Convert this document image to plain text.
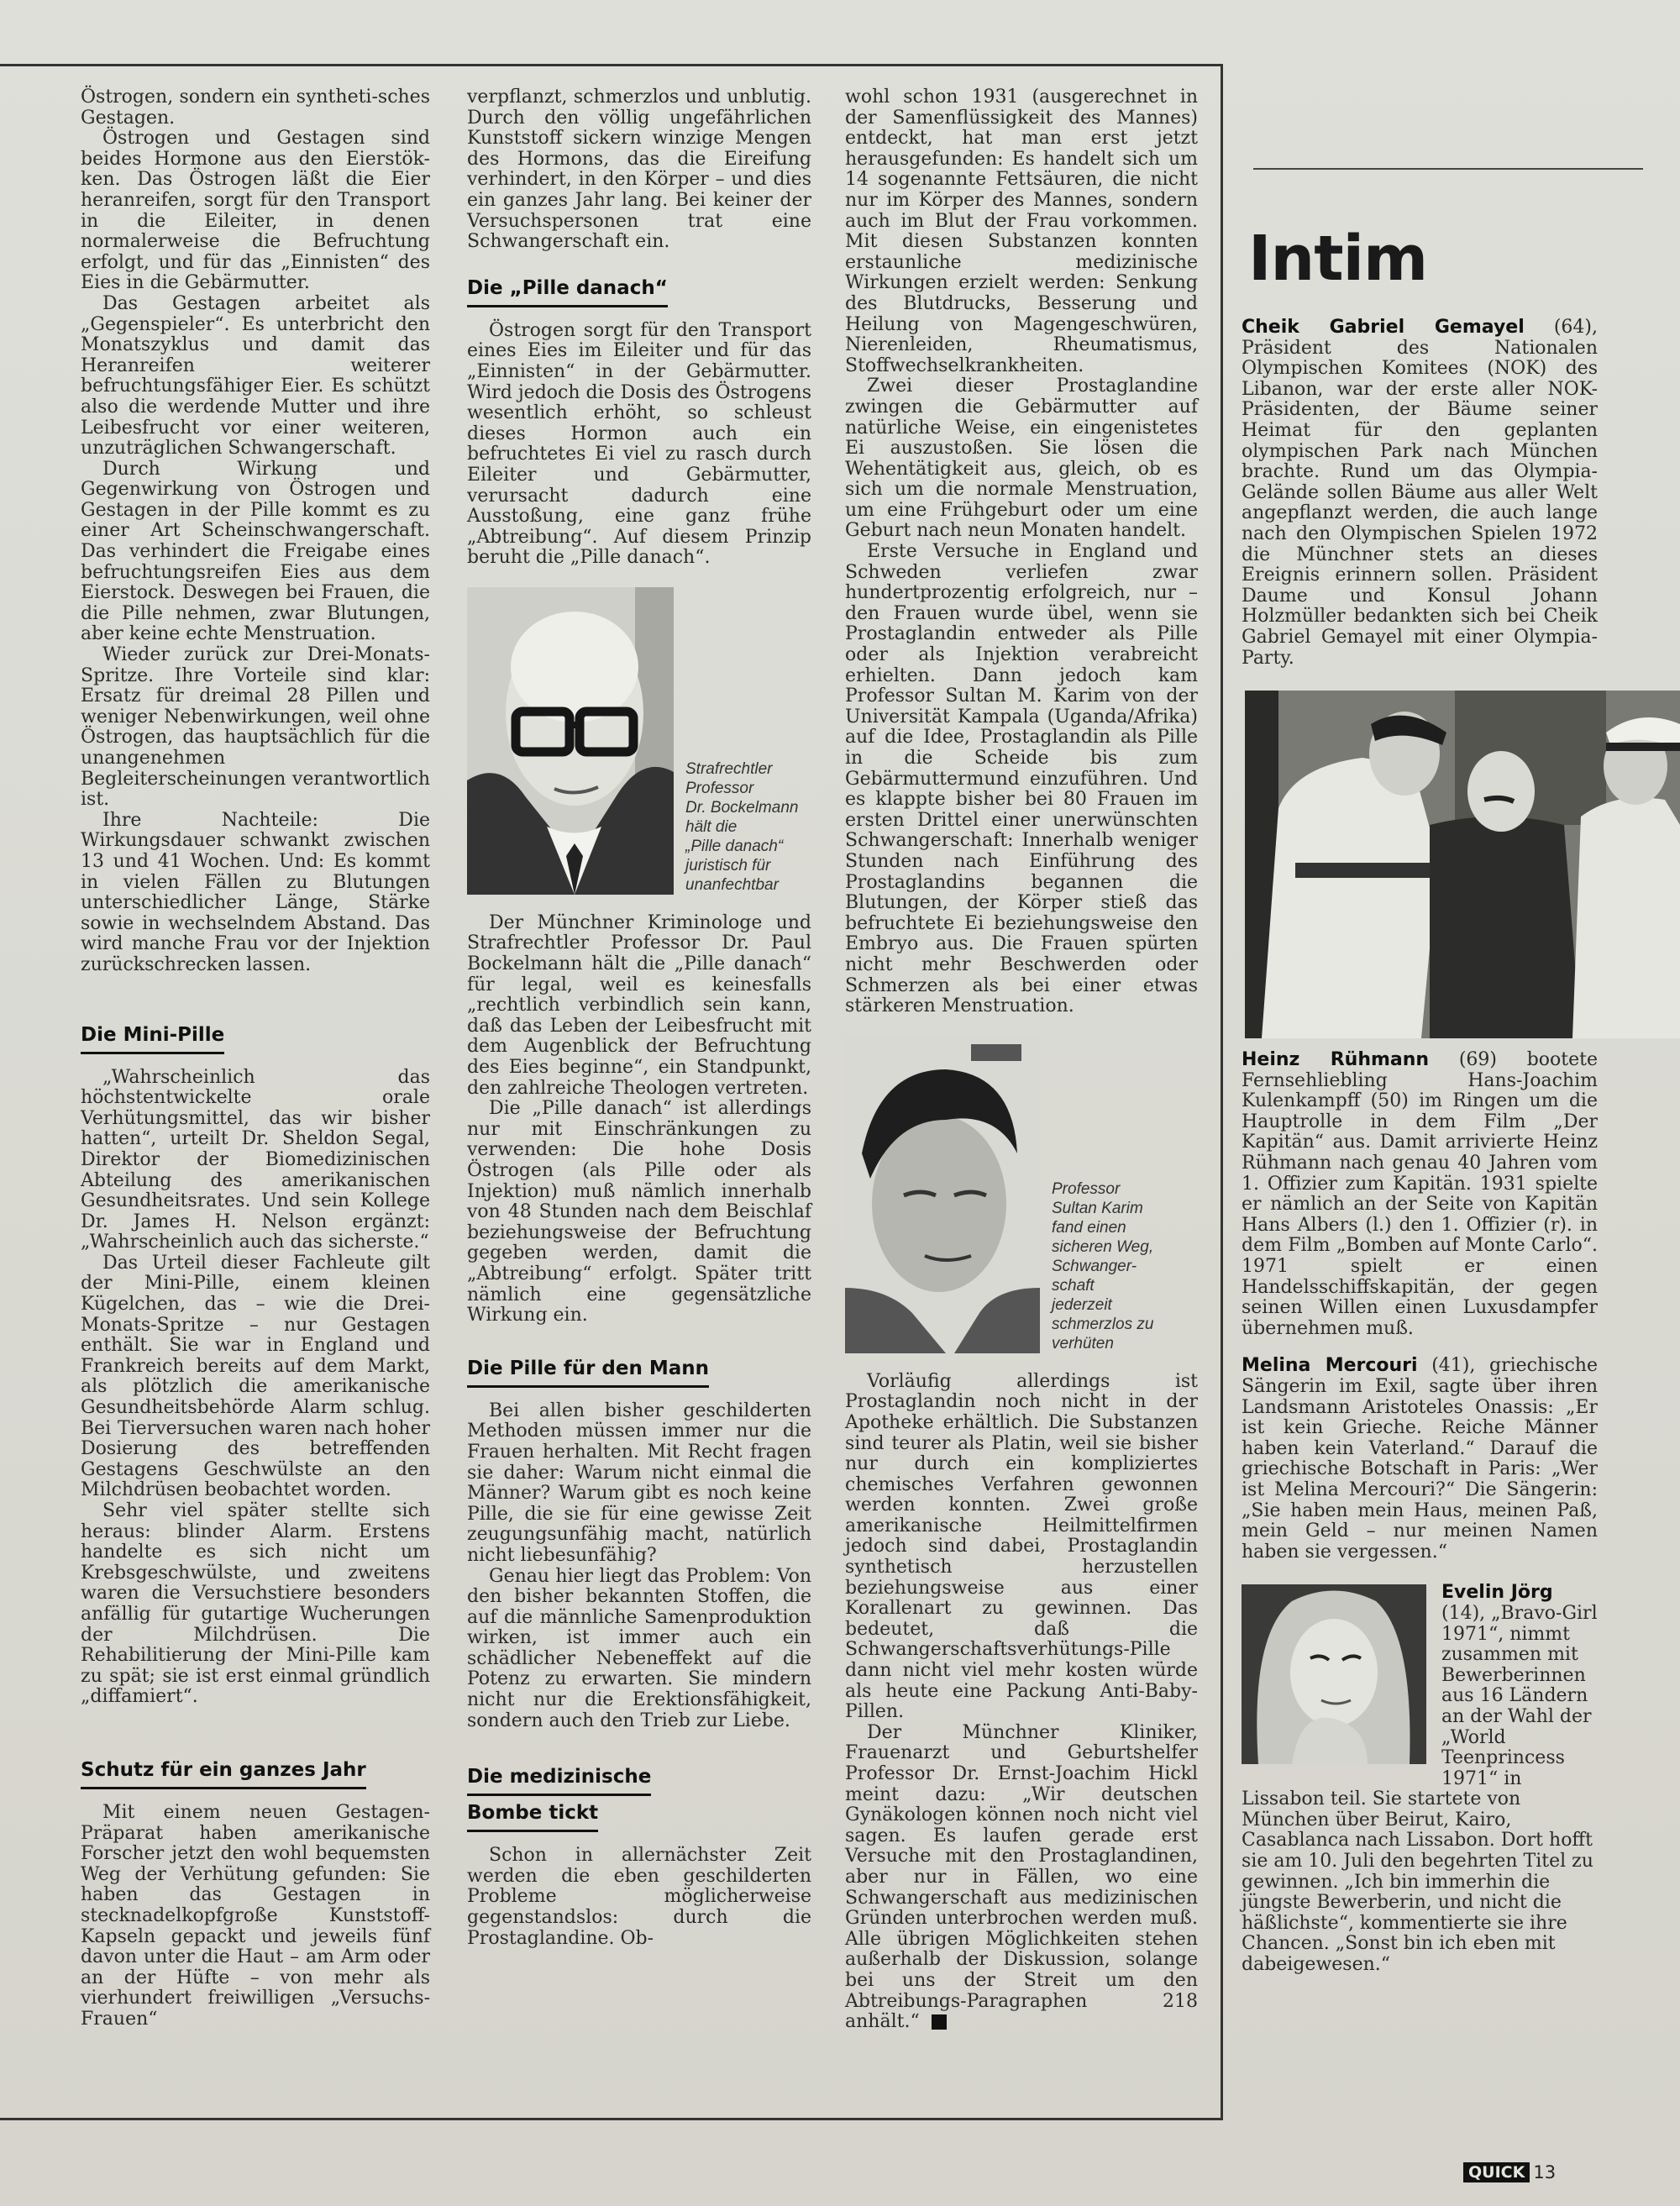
Östrogen, sondern ein syntheti-sches Gestagen.

Östrogen und Gestagen sind beides Hormone aus den Eierstök-ken. Das Östrogen läßt die Eier heranreifen, sorgt für den Transport in die Eileiter, in denen normalerweise die Befruchtung erfolgt, und für das „Einnisten“ des Eies in die Gebärmutter.

Das Gestagen arbeitet als „Gegenspieler“. Es unterbricht den Monatszyklus und damit das Heranreifen weiterer befruchtungsfähiger Eier. Es schützt also die werdende Mutter und ihre Leibesfrucht vor einer weiteren, unzuträglichen Schwangerschaft.

Durch Wirkung und Gegenwirkung von Östrogen und Gestagen in der Pille kommt es zu einer Art Scheinschwangerschaft. Das verhindert die Freigabe eines befruchtungsreifen Eies aus dem Eierstock. Deswegen bei Frauen, die die Pille nehmen, zwar Blutungen, aber keine echte Menstruation.

Wieder zurück zur Drei-Monats-Spritze. Ihre Vorteile sind klar: Ersatz für dreimal 28 Pillen und weniger Nebenwirkungen, weil ohne Östrogen, das hauptsächlich für die unangenehmen Begleiterscheinungen verantwortlich ist.

Ihre Nachteile: Die Wirkungsdauer schwankt zwischen 13 und 41 Wochen. Und: Es kommt in vielen Fällen zu Blutungen unterschiedlicher Länge, Stärke sowie in wechselndem Abstand. Das wird manche Frau vor der Injektion zurückschrecken lassen.

Die Mini-Pille

„Wahrscheinlich das höchstentwickelte orale Verhütungsmittel, das wir bisher hatten“, urteilt Dr. Sheldon Segal, Direktor der Biomedizinischen Abteilung des amerikanischen Gesundheitsrates. Und sein Kollege Dr. James H. Nelson ergänzt: „Wahrscheinlich auch das sicherste.“

Das Urteil dieser Fachleute gilt der Mini-Pille, einem kleinen Kügelchen, das – wie die Drei-Monats-Spritze – nur Gestagen enthält. Sie war in England und Frankreich bereits auf dem Markt, als plötzlich die amerikanische Gesundheitsbehörde Alarm schlug. Bei Tierversuchen waren nach hoher Dosierung des betreffenden Gestagens Geschwülste an den Milchdrüsen beobachtet worden.

Sehr viel später stellte sich heraus: blinder Alarm. Erstens handelte es sich nicht um Krebsgeschwülste, und zweitens waren die Versuchstiere besonders anfällig für gutartige Wucherungen der Milchdrüsen. Die Rehabilitierung der Mini-Pille kam zu spät; sie ist erst einmal gründlich „diffamiert“.

Schutz für ein ganzes Jahr

Mit einem neuen Gestagen-Präparat haben amerikanische Forscher jetzt den wohl bequemsten Weg der Verhütung gefunden: Sie haben das Gestagen in stecknadelkopfgroße Kunststoff-Kapseln gepackt und jeweils fünf davon unter die Haut – am Arm oder an der Hüfte – von mehr als vierhundert freiwilligen „Versuchs-Frauen“

verpflanzt, schmerzlos und unblutig. Durch den völlig ungefährlichen Kunststoff sickern winzige Mengen des Hormons, das die Eireifung verhindert, in den Körper – und dies ein ganzes Jahr lang. Bei keiner der Versuchspersonen trat eine Schwangerschaft ein.

Die „Pille danach“

Östrogen sorgt für den Transport eines Eies im Eileiter und für das „Einnisten“ in der Gebärmutter. Wird jedoch die Dosis des Östrogens wesentlich erhöht, so schleust dieses Hormon auch ein befruchtetes Ei viel zu rasch durch Eileiter und Gebärmutter, verursacht dadurch eine Ausstoßung, eine ganz frühe „Abtreibung“. Auf diesem Prinzip beruht die „Pille danach“.

Strafrechtler
Professor
Dr. Bockelmann
hält die
„Pille danach“
juristisch für
unanfechtbar

Der Münchner Kriminologe und Strafrechtler Professor Dr. Paul Bockelmann hält die „Pille danach“ für legal, weil es keinesfalls „rechtlich verbindlich sein kann, daß das Leben der Leibesfrucht mit dem Augenblick der Befruchtung des Eies beginne“, ein Standpunkt, den zahlreiche Theologen vertreten.

Die „Pille danach“ ist allerdings nur mit Einschränkungen zu verwenden: Die hohe Dosis Östrogen (als Pille oder als Injektion) muß nämlich innerhalb von 48 Stunden nach dem Beischlaf beziehungsweise der Befruchtung gegeben werden, damit die „Abtreibung“ erfolgt. Später tritt nämlich eine gegensätzliche Wirkung ein.

Die Pille für den Mann

Bei allen bisher geschilderten Methoden müssen immer nur die Frauen herhalten. Mit Recht fragen sie daher: Warum nicht einmal die Männer? Warum gibt es noch keine Pille, die sie für eine gewisse Zeit zeugungsunfähig macht, natürlich nicht liebesunfähig?

Genau hier liegt das Problem: Von den bisher bekannten Stoffen, die auf die männliche Samenproduktion wirken, ist immer auch ein schädlicher Nebeneffekt auf die Potenz zu erwarten. Sie mindern nicht nur die Erektionsfähigkeit, sondern auch den Trieb zur Liebe.

Die medizinische
Bombe tickt

Schon in allernächster Zeit werden die eben geschilderten Probleme möglicherweise gegenstandslos: durch die Prostaglandine. Ob-

wohl schon 1931 (ausgerechnet in der Samenflüssigkeit des Mannes) entdeckt, hat man erst jetzt herausgefunden: Es handelt sich um 14 sogenannte Fettsäuren, die nicht nur im Körper des Mannes, sondern auch im Blut der Frau vorkommen. Mit diesen Substanzen konnten erstaunliche medizinische Wirkungen erzielt werden: Senkung des Blutdrucks, Besserung und Heilung von Magengeschwüren, Nierenleiden, Rheumatismus, Stoffwechselkrankheiten.

Zwei dieser Prostaglandine zwingen die Gebärmutter auf natürliche Weise, ein eingenistetes Ei auszustoßen. Sie lösen die Wehentätigkeit aus, gleich, ob es sich um die normale Menstruation, um eine Frühgeburt oder um eine Geburt nach neun Monaten handelt.

Erste Versuche in England und Schweden verliefen zwar hundertprozentig erfolgreich, nur – den Frauen wurde übel, wenn sie Prostaglandin entweder als Pille oder als Injektion verabreicht erhielten. Dann jedoch kam Professor Sultan M. Karim von der Universität Kampala (Uganda/Afrika) auf die Idee, Prostaglandin als Pille in die Scheide bis zum Gebärmuttermund einzuführen. Und es klappte bisher bei 80 Frauen im ersten Drittel einer unerwünschten Schwangerschaft: Innerhalb weniger Stunden nach Einführung des Prostaglandins begannen die Blutungen, der Körper stieß das befruchtete Ei beziehungsweise den Embryo aus. Die Frauen spürten nicht mehr Beschwerden oder Schmerzen als bei einer etwas stärkeren Menstruation.

Professor
Sultan Karim
fand einen
sicheren Weg,
Schwanger-
schaft
jederzeit
schmerzlos zu
verhüten

Vorläufig allerdings ist Prostaglandin noch nicht in der Apotheke erhältlich. Die Substanzen sind teurer als Platin, weil sie bisher nur durch ein kompliziertes chemisches Verfahren gewonnen werden konnten. Zwei große amerikanische Heilmittelfirmen jedoch sind dabei, Prostaglandin synthetisch herzustellen beziehungsweise aus einer Korallenart zu gewinnen. Das bedeutet, daß die Schwangerschaftsverhütungs-Pille dann nicht viel mehr kosten würde als heute eine Packung Anti-Baby-Pillen.

Der Münchner Kliniker, Frauenarzt und Geburtshelfer Professor Dr. Ernst-Joachim Hickl meint dazu: „Wir deutschen Gynäkologen können noch nicht viel sagen. Es laufen gerade erst Versuche mit den Prostaglandinen, aber nur in Fällen, wo eine Schwangerschaft aus medizinischen Gründen unterbrochen werden muß. Alle übrigen Möglichkeiten stehen außerhalb der Diskussion, solange bei uns der Streit um den Abtreibungs-Paragraphen 218 anhält.“

Intim

Cheik Gabriel Gemayel (64), Präsident des Nationalen Olympischen Komitees (NOK) des Libanon, war der erste aller NOK-Präsidenten, der Bäume seiner Heimat für den geplanten olympischen Park nach München brachte. Rund um das Olympia-Gelände sollen Bäume aus aller Welt angepflanzt werden, die auch lange nach den Olympischen Spielen 1972 die Münchner stets an dieses Ereignis erinnern sollen. Präsident Daume und Konsul Johann Holzmüller bedankten sich bei Cheik Gabriel Gemayel mit einer Olympia-Party.

Heinz Rühmann (69) bootete Fernsehliebling Hans-Joachim Kulenkampff (50) im Ringen um die Hauptrolle in dem Film „Der Kapitän“ aus. Damit arrivierte Heinz Rühmann nach genau 40 Jahren vom 1. Offizier zum Kapitän. 1931 spielte er nämlich an der Seite von Kapitän Hans Albers (l.) den 1. Offizier (r). in dem Film „Bomben auf Monte Carlo“. 1971 spielt er einen Handelsschiffskapitän, der gegen seinen Willen einen Luxusdampfer übernehmen muß.

Melina Mercouri (41), griechische Sängerin im Exil, sagte über ihren Landsmann Aristoteles Onassis: „Er ist kein Grieche. Reiche Männer haben kein Vaterland.“ Darauf die griechische Botschaft in Paris: „Wer ist Melina Mercouri?“ Die Sängerin: „Sie haben mein Haus, meinen Paß, mein Geld – nur meinen Namen haben sie vergessen.“

Evelin Jörg
(14), „Bravo-Girl 1971“, nimmt zusammen mit Bewerberinnen aus 16 Ländern an der Wahl der „World Teenprincess 1971“ in Lissabon teil. Sie startete von München über Beirut, Kairo, Casablanca nach Lissabon. Dort hofft sie am 10. Juli den begehrten Titel zu gewinnen. „Ich bin immerhin die jüngste Bewerberin, und nicht die häßlichste“, kommentierte sie ihre Chancen. „Sonst bin ich eben mit dabeigewesen.“

QUICK 13
